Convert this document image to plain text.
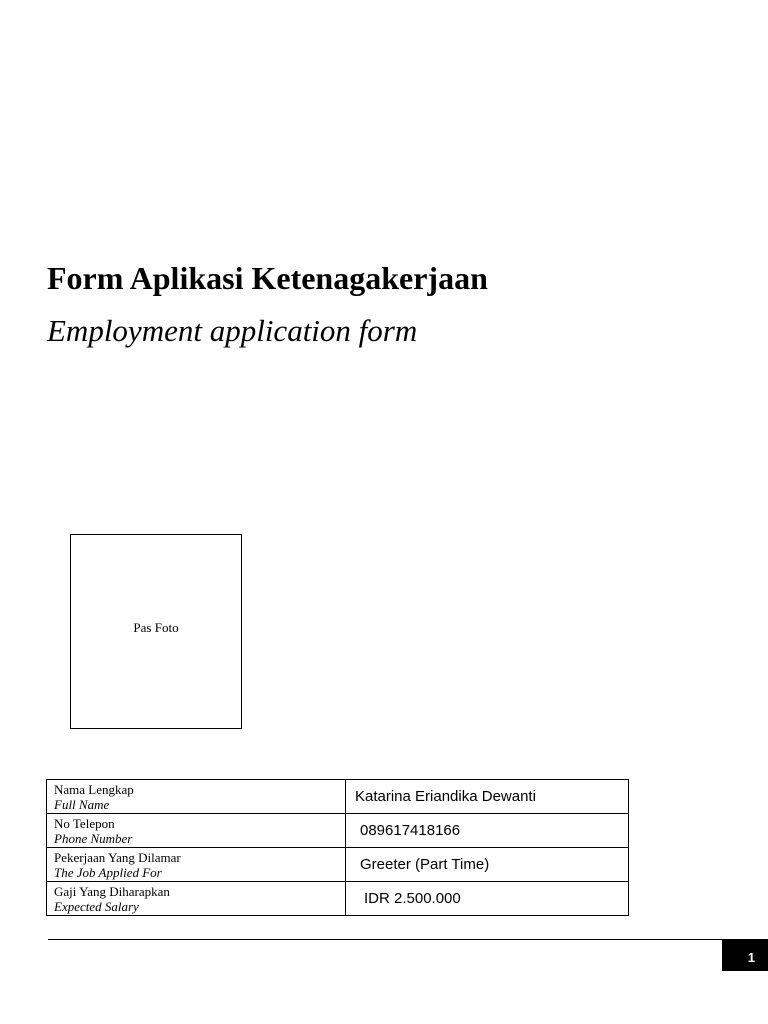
Form Aplikasi Ketenagakerjaan
Employment application form
Pas Foto
Nama Lengkap
Full Name	Katarina Eriandika Dewanti

No Telepon
Phone Number	089617418166

Pekerjaan Yang Dilamar
The Job Applied For	Greeter (Part Time)

Gaji Yang Diharapkan
Expected Salary	IDR 2.500.000
1
